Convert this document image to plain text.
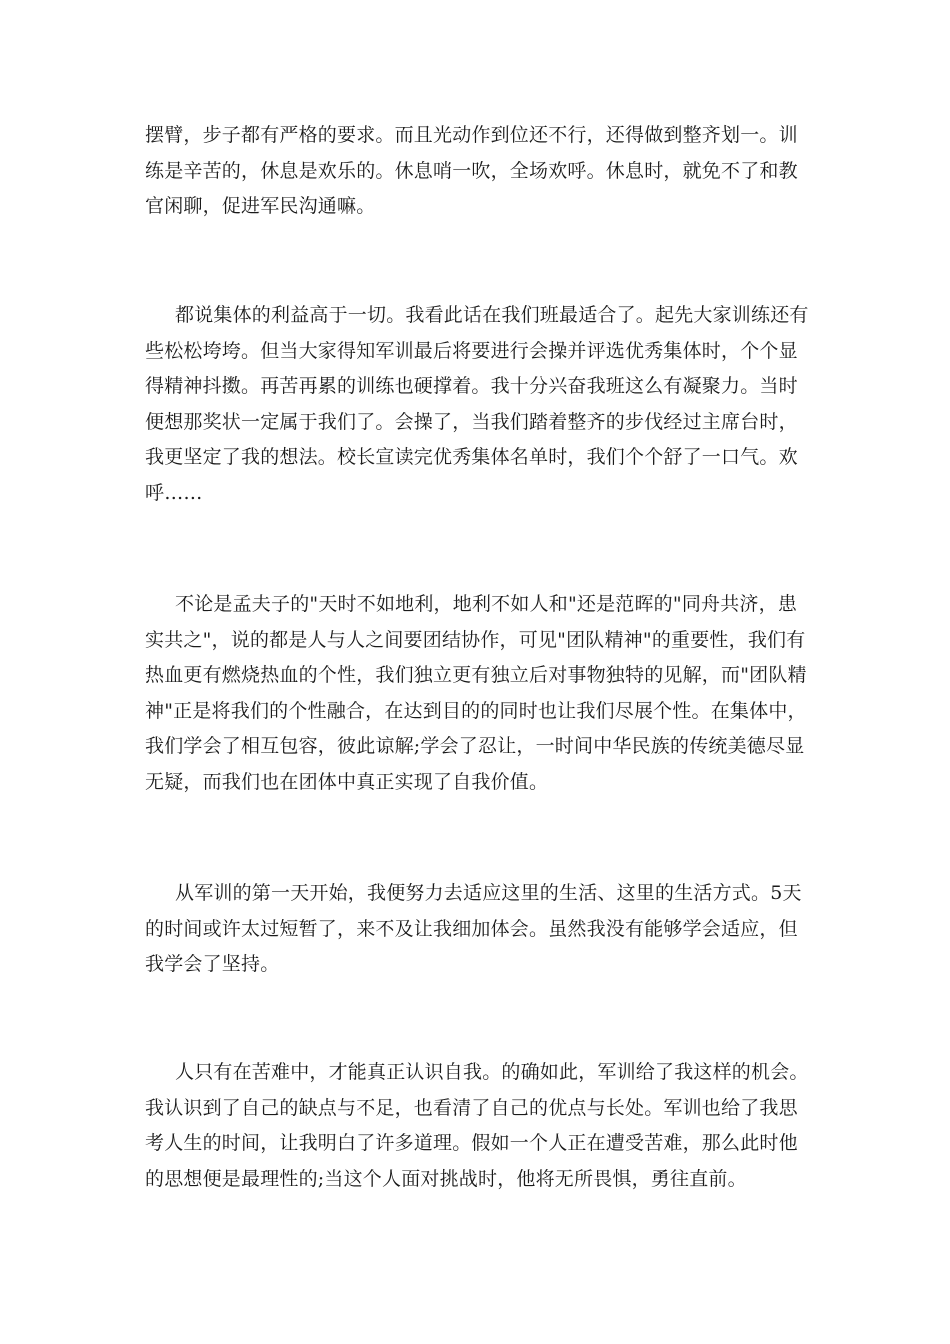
摆臂，步子都有严格的要求。而且光动作到位还不行，还得做到整齐划一。训
练是辛苦的，休息是欢乐的。休息哨一吹，全场欢呼。休息时，就免不了和教
官闲聊，促进军民沟通嘛。
都说集体的利益高于一切。我看此话在我们班最适合了。起先大家训练还有
些松松垮垮。但当大家得知军训最后将要进行会操并评选优秀集体时，个个显
得精神抖擞。再苦再累的训练也硬撑着。我十分兴奋我班这么有凝聚力。当时
便想那奖状一定属于我们了。会操了，当我们踏着整齐的步伐经过主席台时，
我更坚定了我的想法。校长宣读完优秀集体名单时，我们个个舒了一口气。欢
呼……
不论是孟夫子的"天时不如地利，地利不如人和"还是范晖的"同舟共济，患
实共之"，说的都是人与人之间要团结协作，可见"团队精神"的重要性，我们有
热血更有燃烧热血的个性，我们独立更有独立后对事物独特的见解，而"团队精
神"正是将我们的个性融合，在达到目的的同时也让我们尽展个性。在集体中，
我们学会了相互包容，彼此谅解;学会了忍让，一时间中华民族的传统美德尽显
无疑，而我们也在团体中真正实现了自我价值。
从军训的第一天开始，我便努力去适应这里的生活、这里的生活方式。5天
的时间或许太过短暂了，来不及让我细加体会。虽然我没有能够学会适应，但
我学会了坚持。
人只有在苦难中，才能真正认识自我。的确如此，军训给了我这样的机会。
我认识到了自己的缺点与不足，也看清了自己的优点与长处。军训也给了我思
考人生的时间，让我明白了许多道理。假如一个人正在遭受苦难，那么此时他
的思想便是最理性的;当这个人面对挑战时，他将无所畏惧，勇往直前。
